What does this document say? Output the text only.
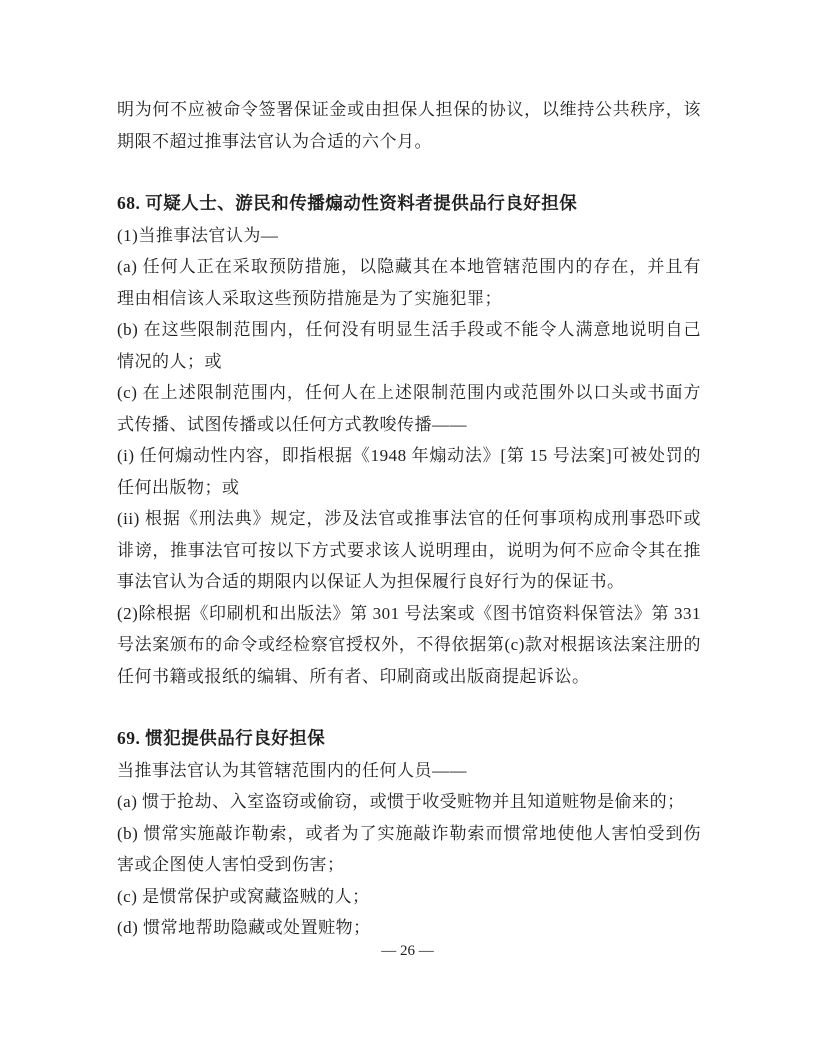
明为何不应被命令签署保证金或由担保人担保的协议，以维持公共秩序，该期限不超过推事法官认为合适的六个月。

68. 可疑人士、游民和传播煽动性资料者提供品行良好担保

(1)当推事法官认为—

(a) 任何人正在采取预防措施，以隐藏其在本地管辖范围内的存在，并且有理由相信该人采取这些预防措施是为了实施犯罪；

(b) 在这些限制范围内，任何没有明显生活手段或不能令人满意地说明自己情况的人；或

(c) 在上述限制范围内，任何人在上述限制范围内或范围外以口头或书面方式传播、试图传播或以任何方式教唆传播——

(i) 任何煽动性内容，即指根据《1948 年煽动法》[第 15 号法案]可被处罚的任何出版物；或

(ii) 根据《刑法典》规定，涉及法官或推事法官的任何事项构成刑事恐吓或诽谤，推事法官可按以下方式要求该人说明理由，说明为何不应命令其在推事法官认为合适的期限内以保证人为担保履行良好行为的保证书。

(2)除根据《印刷机和出版法》第 301 号法案或《图书馆资料保管法》第 331 号法案颁布的命令或经检察官授权外，不得依据第(c)款对根据该法案注册的任何书籍或报纸的编辑、所有者、印刷商或出版商提起诉讼。

69. 惯犯提供品行良好担保

当推事法官认为其管辖范围内的任何人员——

(a) 惯于抢劫、入室盗窃或偷窃，或惯于收受赃物并且知道赃物是偷来的；

(b) 惯常实施敲诈勒索，或者为了实施敲诈勒索而惯常地使他人害怕受到伤害或企图使人害怕受到伤害；

(c) 是惯常保护或窝藏盗贼的人；

(d) 惯常地帮助隐藏或处置赃物；

— 26 —
